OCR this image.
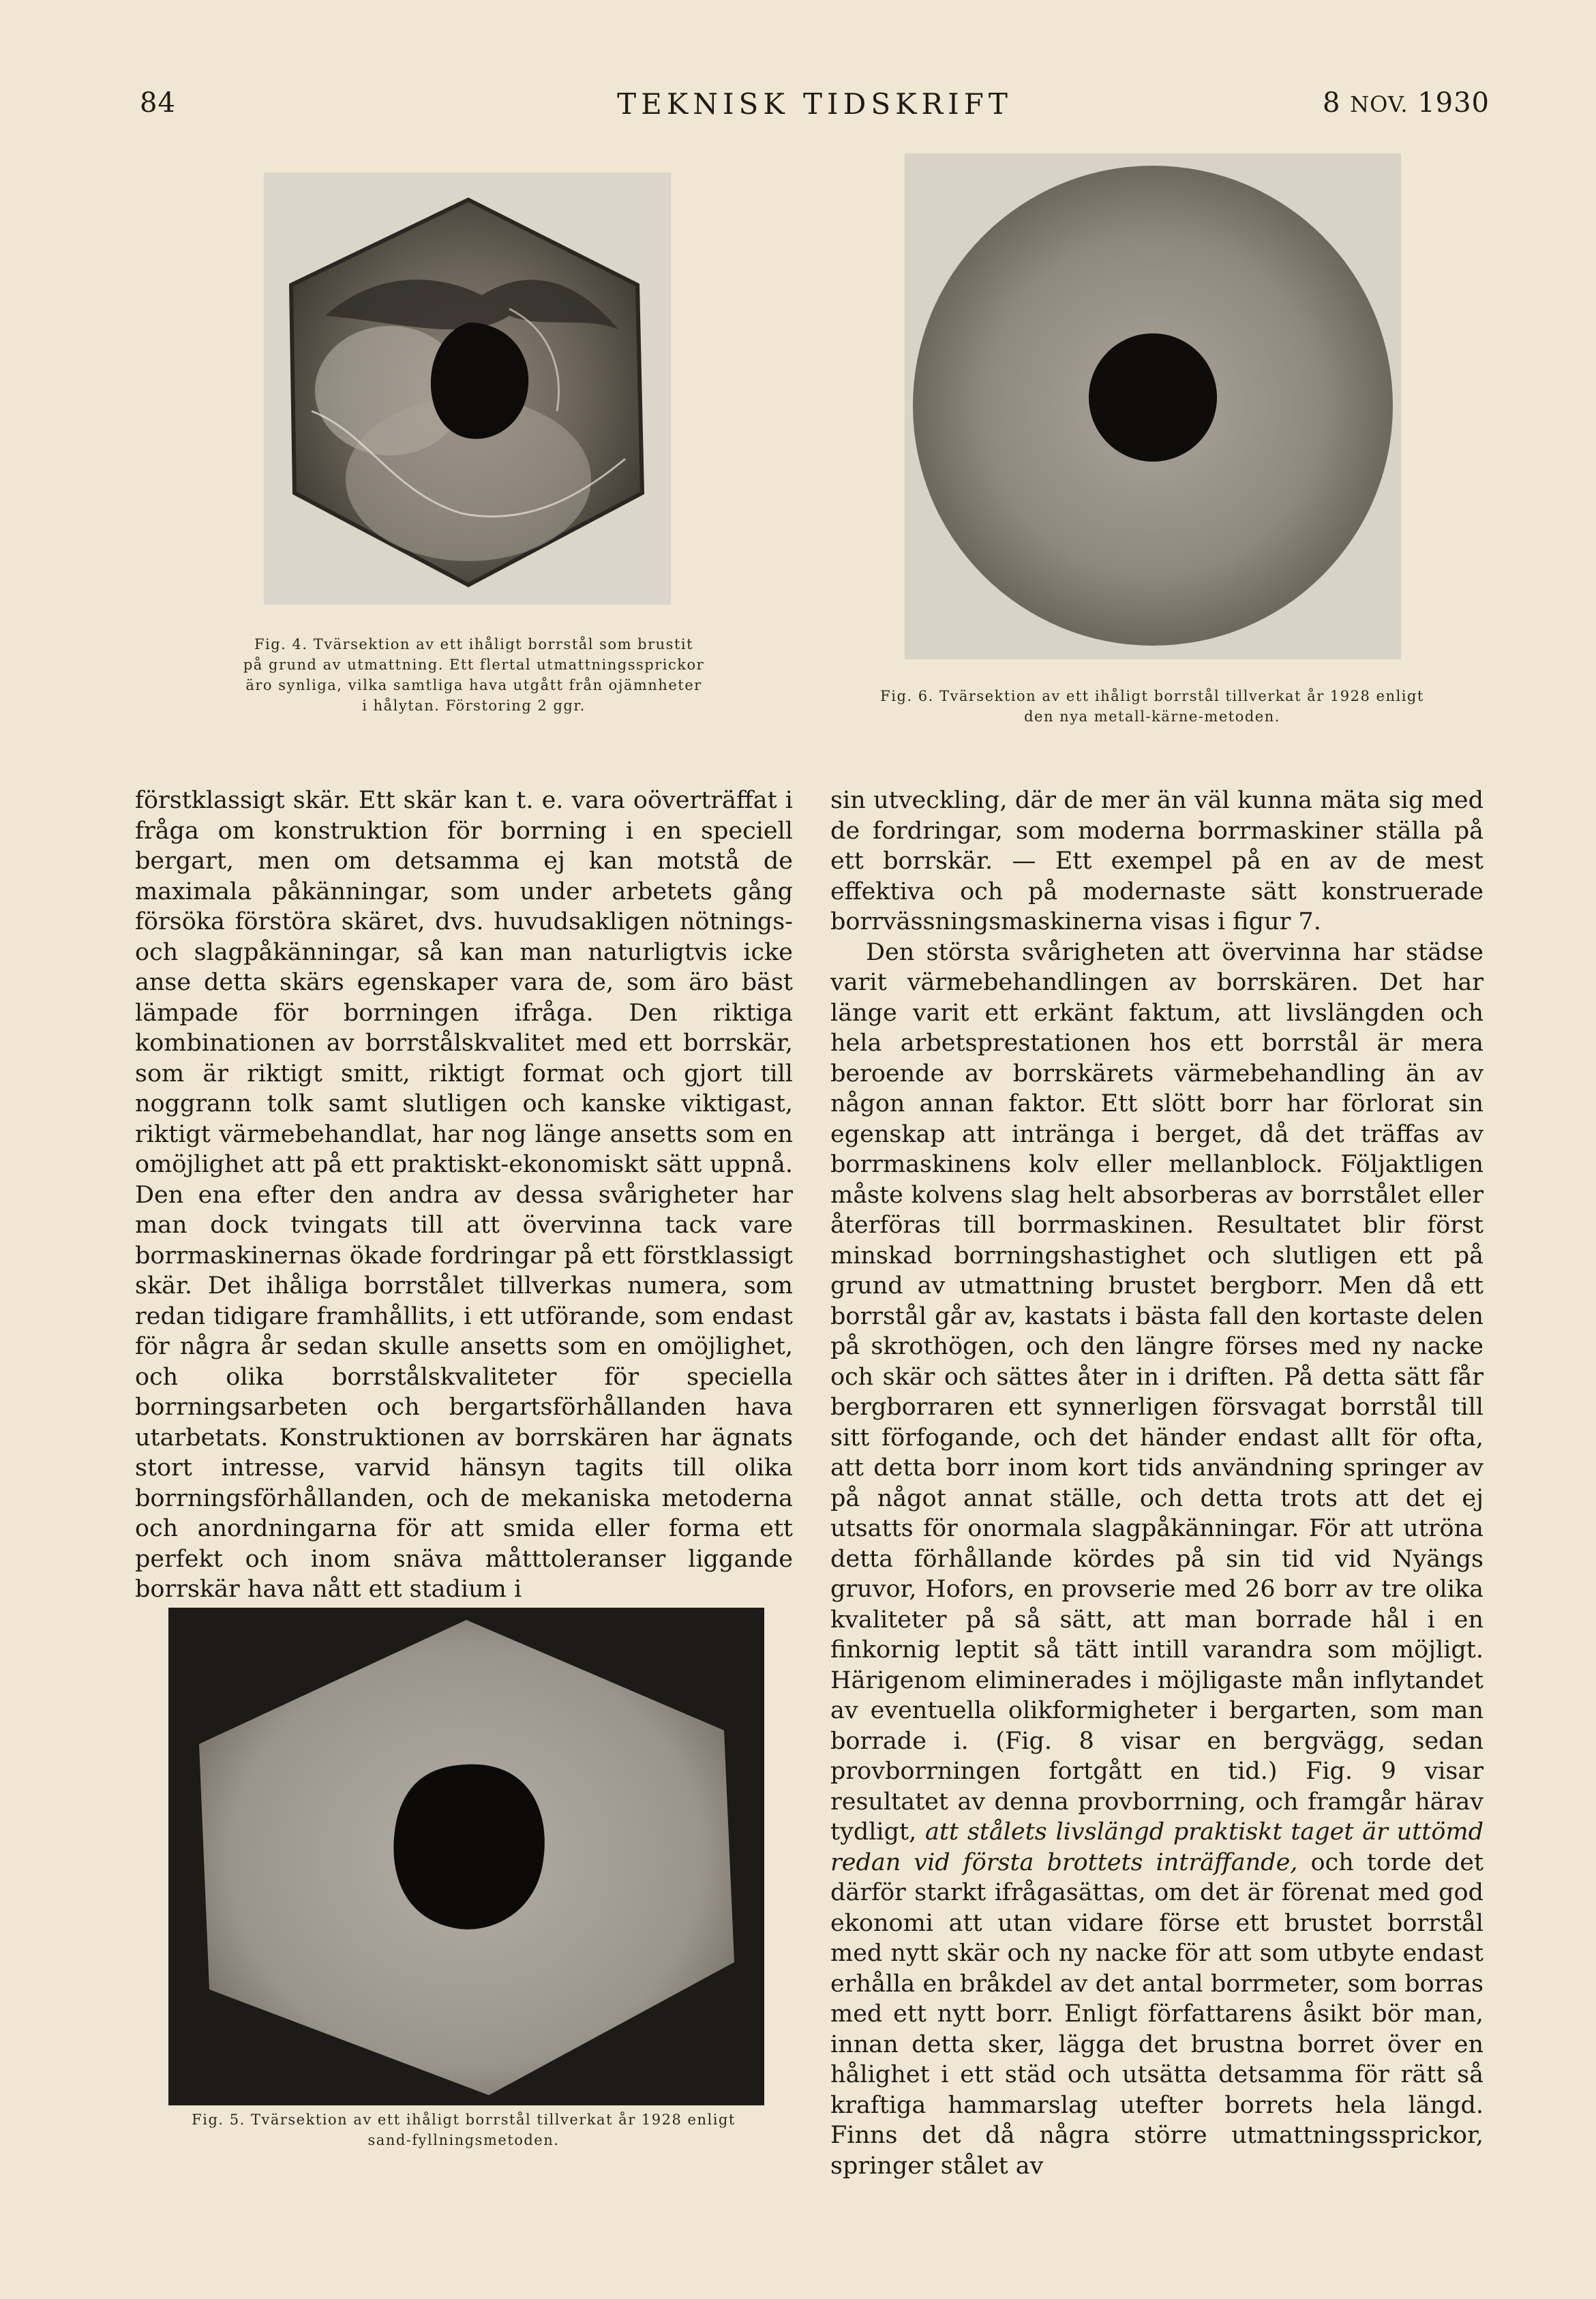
84	TEKNISK TIDSKRIFT	8 NOV. 1930
Fig. 4. Tvärsektion av ett ihåligt borrstål som brustit
på grund av utmattning. Ett flertal utmattningssprickor
äro synliga, vilka samtliga hava utgått från ojämnheter
i hålytan. Förstoring 2 ggr.
Fig. 6. Tvärsektion av ett ihåligt borrstål tillverkat år 1928 enligt
den nya metall-kärne-metoden.

förstklassigt skär. Ett skär kan t. e. vara oöverträffat i fråga om konstruktion för borrning i en speciell bergart, men om detsamma ej kan motstå de maximala påkänningar, som under arbetets gång försöka förstöra skäret, dvs. huvudsakligen nötnings- och slagpåkänningar, så kan man naturligtvis icke anse detta skärs egenskaper vara de, som äro bäst lämpade för borrningen ifråga. Den riktiga kombinationen av borrstålskvalitet med ett borrskär, som är riktigt smitt, riktigt format och gjort till noggrann tolk samt slutligen och kanske viktigast, riktigt värmebehandlat, har nog länge ansetts som en omöjlighet att på ett praktiskt-ekonomiskt sätt uppnå. Den ena efter den andra av dessa svårigheter har man dock tvingats till att övervinna tack vare borrmaskinernas ökade fordringar på ett förstklassigt skär. Det ihåliga borrstålet tillverkas numera, som redan tidigare framhållits, i ett utförande, som endast för några år sedan skulle ansetts som en omöjlighet, och olika borrstålskvaliteter för speciella borrningsarbeten och bergartsförhållanden hava utarbetats. Konstruktionen av borrskären har ägnats stort intresse, varvid hänsyn tagits till olika borrningsförhållanden, och de mekaniska metoderna och anordningarna för att smida eller forma ett perfekt och inom snäva måtttoleranser liggande borrskär hava nått ett stadium i

Fig. 5. Tvärsektion av ett ihåligt borrstål tillverkat år 1928 enligt
sand-fyllningsmetoden.

sin utveckling, där de mer än väl kunna mäta sig med de fordringar, som moderna borrmaskiner ställa på ett borrskär. — Ett exempel på en av de mest effektiva och på modernaste sätt konstruerade borrvässningsmaskinerna visas i figur 7.

Den största svårigheten att övervinna har städse varit värmebehandlingen av borrskären. Det har länge varit ett erkänt faktum, att livslängden och hela arbetsprestationen hos ett borrstål är mera beroende av borrskärets värmebehandling än av någon annan faktor. Ett slött borr har förlorat sin egenskap att intränga i berget, då det träffas av borrmaskinens kolv eller mellanblock. Följaktligen måste kolvens slag helt absorberas av borrstålet eller återföras till borrmaskinen. Resultatet blir först minskad borrningshastighet och slutligen ett på grund av utmattning brustet bergborr. Men då ett borrstål går av, kastats i bästa fall den kortaste delen på skrothögen, och den längre förses med ny nacke och skär och sättes åter in i driften. På detta sätt får bergborraren ett synnerligen försvagat borrstål till sitt förfogande, och det händer endast allt för ofta, att detta borr inom kort tids användning springer av på något annat ställe, och detta trots att det ej utsatts för onormala slagpåkänningar. För att utröna detta förhållande kördes på sin tid vid Nyängs gruvor, Hofors, en provserie med 26 borr av tre olika kvaliteter på så sätt, att man borrade hål i en finkornig leptit så tätt intill varandra som möjligt. Härigenom eliminerades i möjligaste mån inflytandet av eventuella olikformigheter i bergarten, som man borrade i. (Fig. 8 visar en bergvägg, sedan provborrningen fortgått en tid.) Fig. 9 visar resultatet av denna provborrning, och framgår härav tydligt, att stålets livslängd praktiskt taget är uttömd redan vid första brottets inträffande, och torde det därför starkt ifrågasättas, om det är förenat med god ekonomi att utan vidare förse ett brustet borrstål med nytt skär och ny nacke för att som utbyte endast erhålla en bråkdel av det antal borrmeter, som borras med ett nytt borr. Enligt författarens åsikt bör man, innan detta sker, lägga det brustna borret över en hålighet i ett städ och utsätta detsamma för rätt så kraftiga hammarslag utefter borrets hela längd. Finns det då några större utmattningssprickor, springer stålet av
